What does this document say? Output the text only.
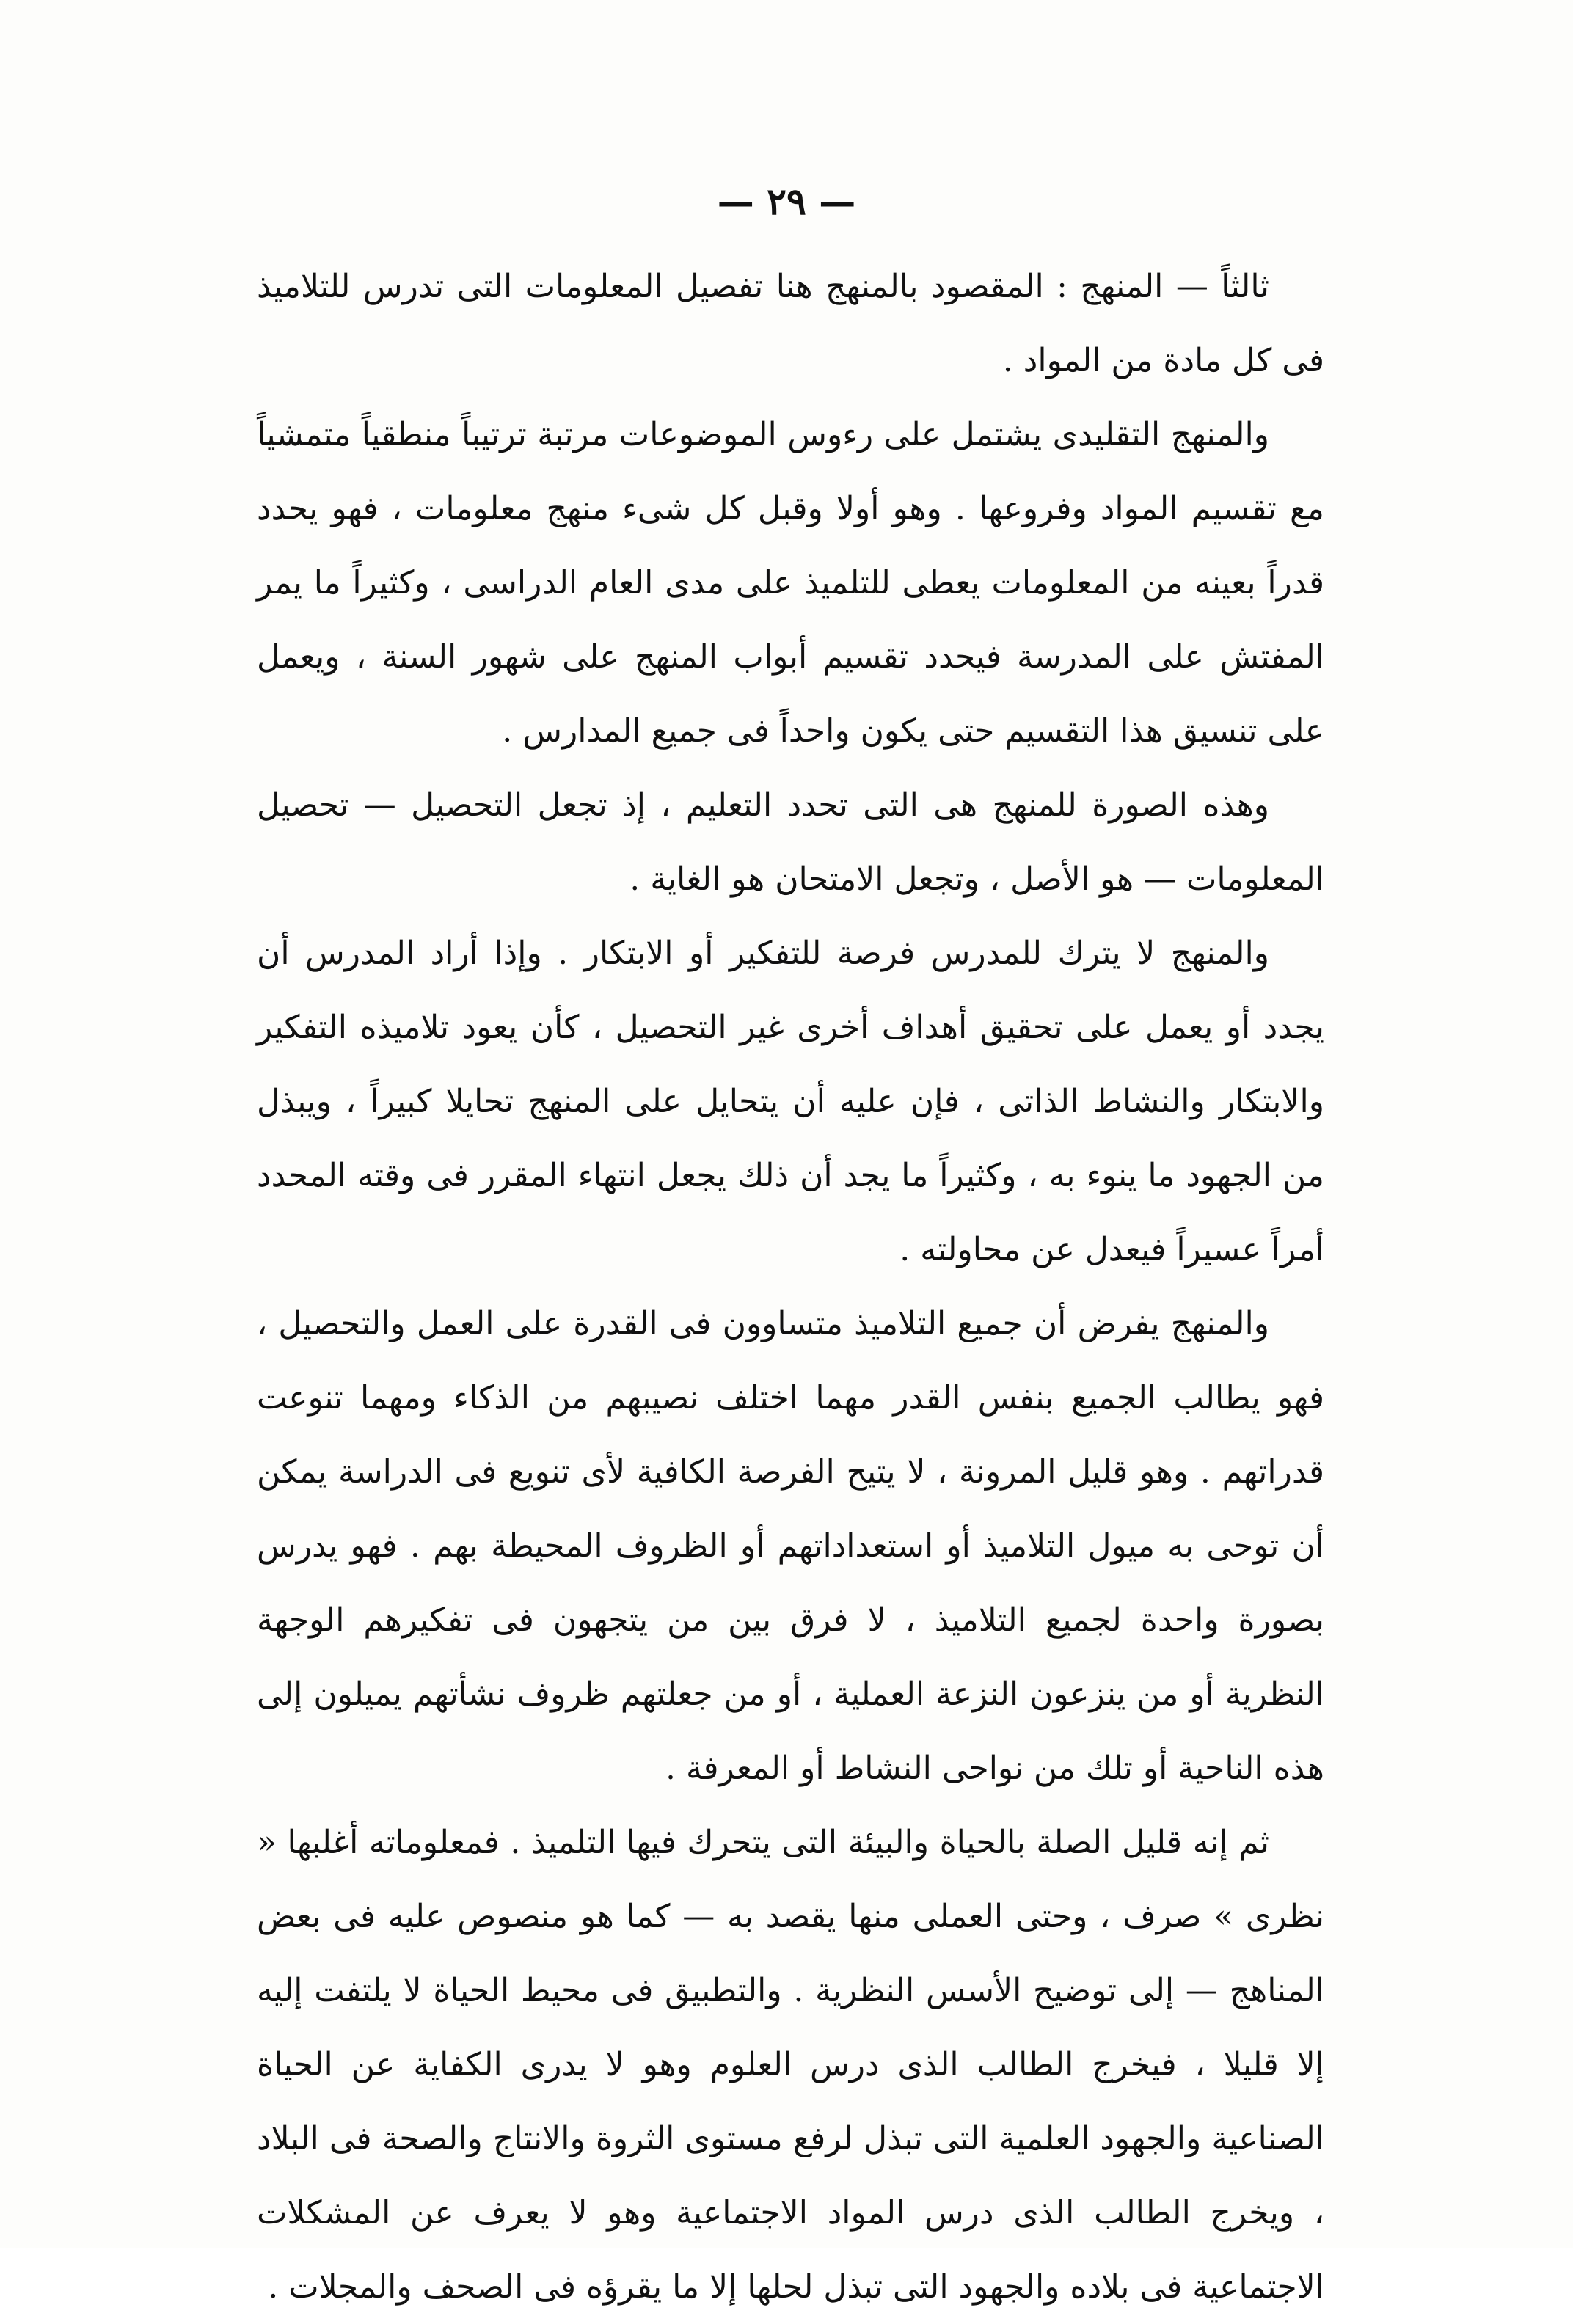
— ٢٩ —

ثالثاً — المنهج : المقصود بالمنهج هنا تفصيل المعلومات التى تدرس للتلاميذ فى كل مادة من المواد .

والمنهج التقليدى يشتمل على رءوس الموضوعات مرتبة ترتيباً منطقياً متمشياً مع تقسيم المواد وفروعها . وهو أولا وقبل كل شىء منهج معلومات ، فهو يحدد قدراً بعينه من المعلومات يعطى للتلميذ على مدى العام الدراسى ، وكثيراً ما يمر المفتش على المدرسة فيحدد تقسيم أبواب المنهج على شهور السنة ، ويعمل على تنسيق هذا التقسيم حتى يكون واحداً فى جميع المدارس .

وهذه الصورة للمنهج هى التى تحدد التعليم ، إذ تجعل التحصيل — تحصيل المعلومات — هو الأصل ، وتجعل الامتحان هو الغاية .

والمنهج لا يترك للمدرس فرصة للتفكير أو الابتكار . وإذا أراد المدرس أن يجدد أو يعمل على تحقيق أهداف أخرى غير التحصيل ، كأن يعود تلاميذه التفكير والابتكار والنشاط الذاتى ، فإن عليه أن يتحايل على المنهج تحايلا كبيراً ، ويبذل من الجهود ما ينوء به ، وكثيراً ما يجد أن ذلك يجعل انتهاء المقرر فى وقته المحدد أمراً عسيراً فيعدل عن محاولته .

والمنهج يفرض أن جميع التلاميذ متساوون فى القدرة على العمل والتحصيل ، فهو يطالب الجميع بنفس القدر مهما اختلف نصيبهم من الذكاء ومهما تنوعت قدراتهم . وهو قليل المرونة ، لا يتيح الفرصة الكافية لأى تنويع فى الدراسة يمكن أن توحى به ميول التلاميذ أو استعداداتهم أو الظروف المحيطة بهم . فهو يدرس بصورة واحدة لجميع التلاميذ ، لا فرق بين من يتجهون فى تفكيرهم الوجهة النظرية أو من ينزعون النزعة العملية ، أو من جعلتهم ظروف نشأتهم يميلون إلى هذه الناحية أو تلك من نواحى النشاط أو المعرفة .

ثم إنه قليل الصلة بالحياة والبيئة التى يتحرك فيها التلميذ . فمعلوماته أغلبها « نظرى » صرف ، وحتى العملى منها يقصد به — كما هو منصوص عليه فى بعض المناهج — إلى توضيح الأسس النظرية . والتطبيق فى محيط الحياة لا يلتفت إليه إلا قليلا ، فيخرج الطالب الذى درس العلوم وهو لا يدرى الكفاية عن الحياة الصناعية والجهود العلمية التى تبذل لرفع مستوى الثروة والانتاج والصحة فى البلاد ، ويخرج الطالب الذى درس المواد الاجتماعية وهو لا يعرف عن المشكلات الاجتماعية فى بلاده والجهود التى تبذل لحلها إلا ما يقرؤه فى الصحف والمجلات .
